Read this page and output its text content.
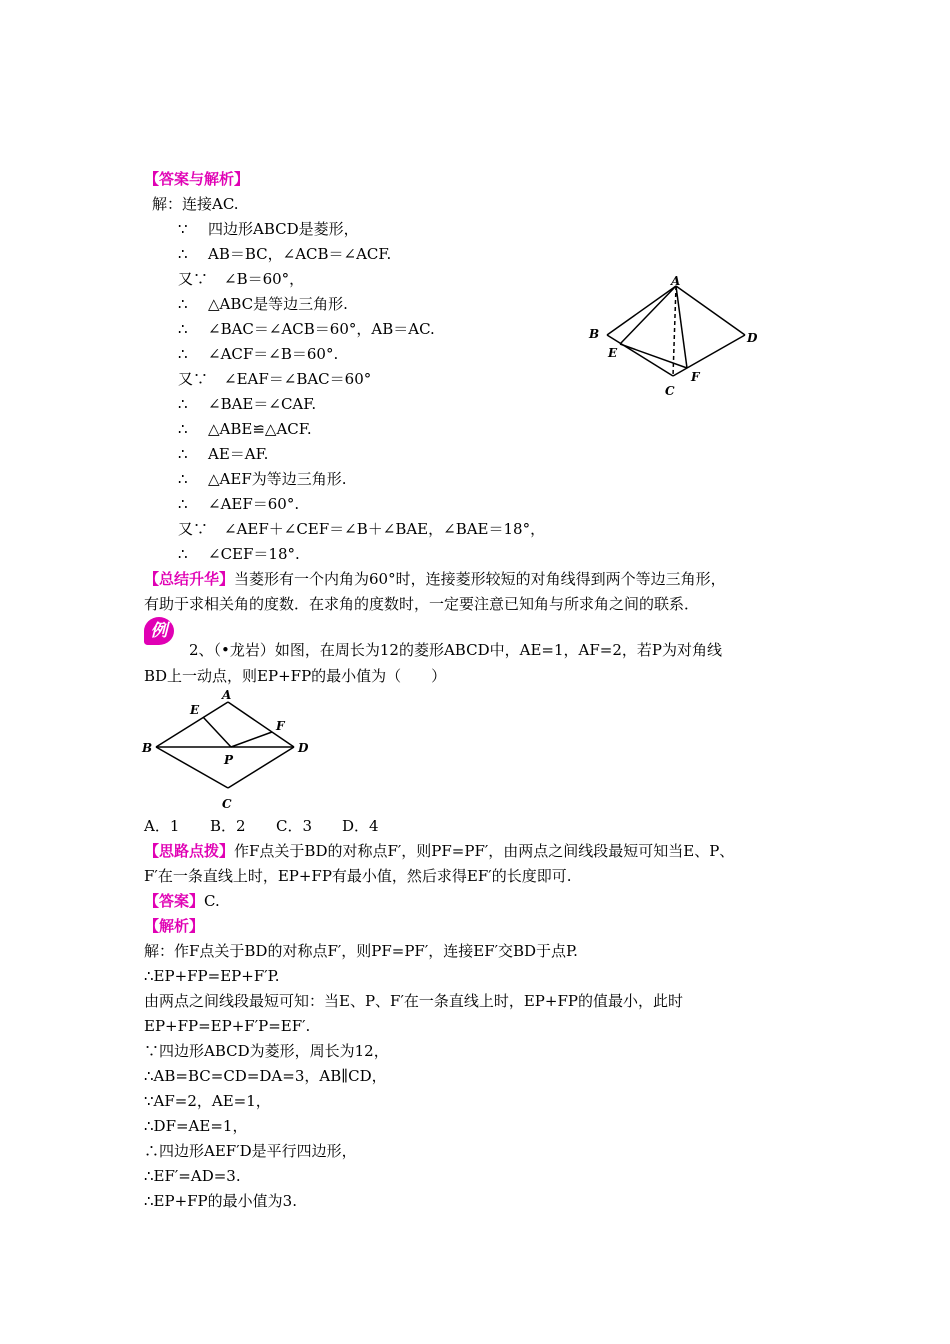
【答案与解析】
解：连接AC.
∵ 四边形ABCD是菱形，
∴ AB＝BC，∠ACB＝∠ACF.
又∵ ∠B＝60°，
∴ △ABC是等边三角形.
∴ ∠BAC＝∠ACB＝60°，AB＝AC.
∴ ∠ACF＝∠B＝60°.
又∵ ∠EAF＝∠BAC＝60°
∴ ∠BAE＝∠CAF.
∴ △ABE≌△ACF.
∴ AE＝AF.
∴ △AEF为等边三角形.
∴ ∠AEF＝60°.
又∵ ∠AEF＋∠CEF＝∠B＋∠BAE，∠BAE＝18°，
∴ ∠CEF＝18°.
A
B
C
D
E
F
【总结升华】当菱形有一个内角为60°时，连接菱形较短的对角线得到两个等边三角形，
有助于求相关角的度数．在求角的度数时，一定要注意已知角与所求角之间的联系．
例
2、（•龙岩）如图，在周长为12的菱形ABCD中，AE=1，AF=2，若P为对角线
BD上一动点，则EP+FP的最小值为（　　）
A
B
C
D
E
F
P
A．1 B．2 C．3 D．4
【思路点拨】作F点关于BD的对称点F′，则PF=PF′，由两点之间线段最短可知当E、P、
F′在一条直线上时，EP+FP有最小值，然后求得EF′的长度即可.
【答案】C.
【解析】
解：作F点关于BD的对称点F′，则PF=PF′，连接EF′交BD于点P.
∴EP+FP=EP+F′P.
由两点之间线段最短可知：当E、P、F′在一条直线上时，EP+FP的值最小，此时
EP+FP=EP+F′P=EF′.
∵四边形ABCD为菱形，周长为12，
∴AB=BC=CD=DA=3，AB∥CD，
∵AF=2，AE=1，
∴DF=AE=1，
∴四边形AEF′D是平行四边形，
∴EF′=AD=3.
∴EP+FP的最小值为3.
